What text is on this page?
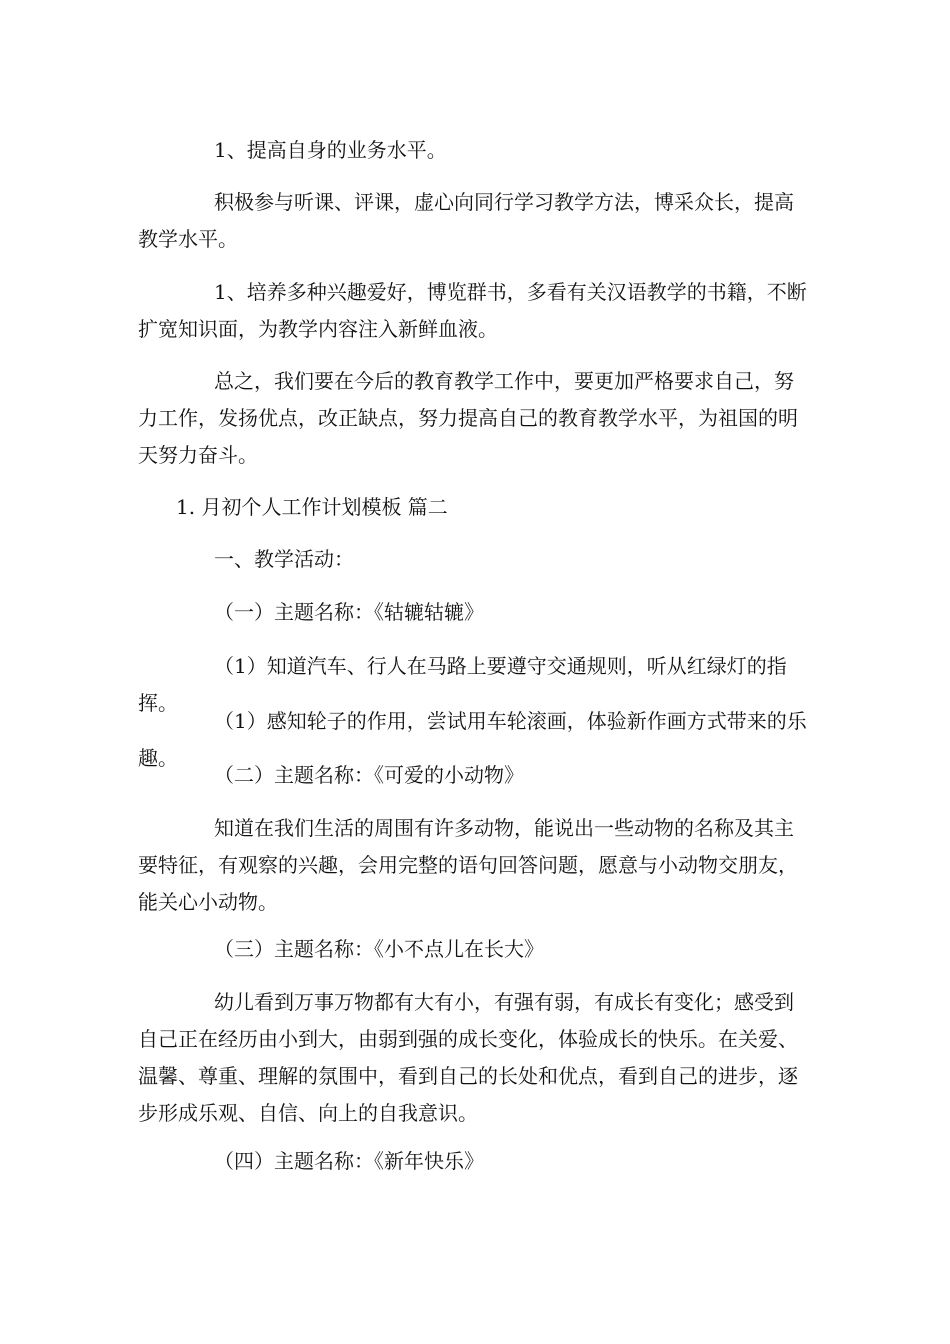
1、提高自身的业务水平。

积极参与听课、评课，虚心向同行学习教学方法，博采众长，提高教学水平。

1、培养多种兴趣爱好，博览群书，多看有关汉语教学的书籍，不断扩宽知识面，为教学内容注入新鲜血液。

总之，我们要在今后的教育教学工作中，要更加严格要求自己，努力工作，发扬优点，改正缺点，努力提高自己的教育教学水平，为祖国的明天努力奋斗。

1. 月初个人工作计划模板 篇二

一、教学活动：

（一）主题名称：《轱辘轱辘》

（1）知道汽车、行人在马路上要遵守交通规则，听从红绿灯的指挥。

（1）感知轮子的作用，尝试用车轮滚画，体验新作画方式带来的乐趣。

（二）主题名称：《可爱的小动物》

知道在我们生活的周围有许多动物，能说出一些动物的名称及其主要特征，有观察的兴趣，会用完整的语句回答问题，愿意与小动物交朋友，能关心小动物。

（三）主题名称：《小不点儿在长大》

幼儿看到万事万物都有大有小，有强有弱，有成长有变化；感受到自己正在经历由小到大，由弱到强的成长变化，体验成长的快乐。在关爱、温馨、尊重、理解的氛围中，看到自己的长处和优点，看到自己的进步，逐步形成乐观、自信、向上的自我意识。

（四）主题名称：《新年快乐》
